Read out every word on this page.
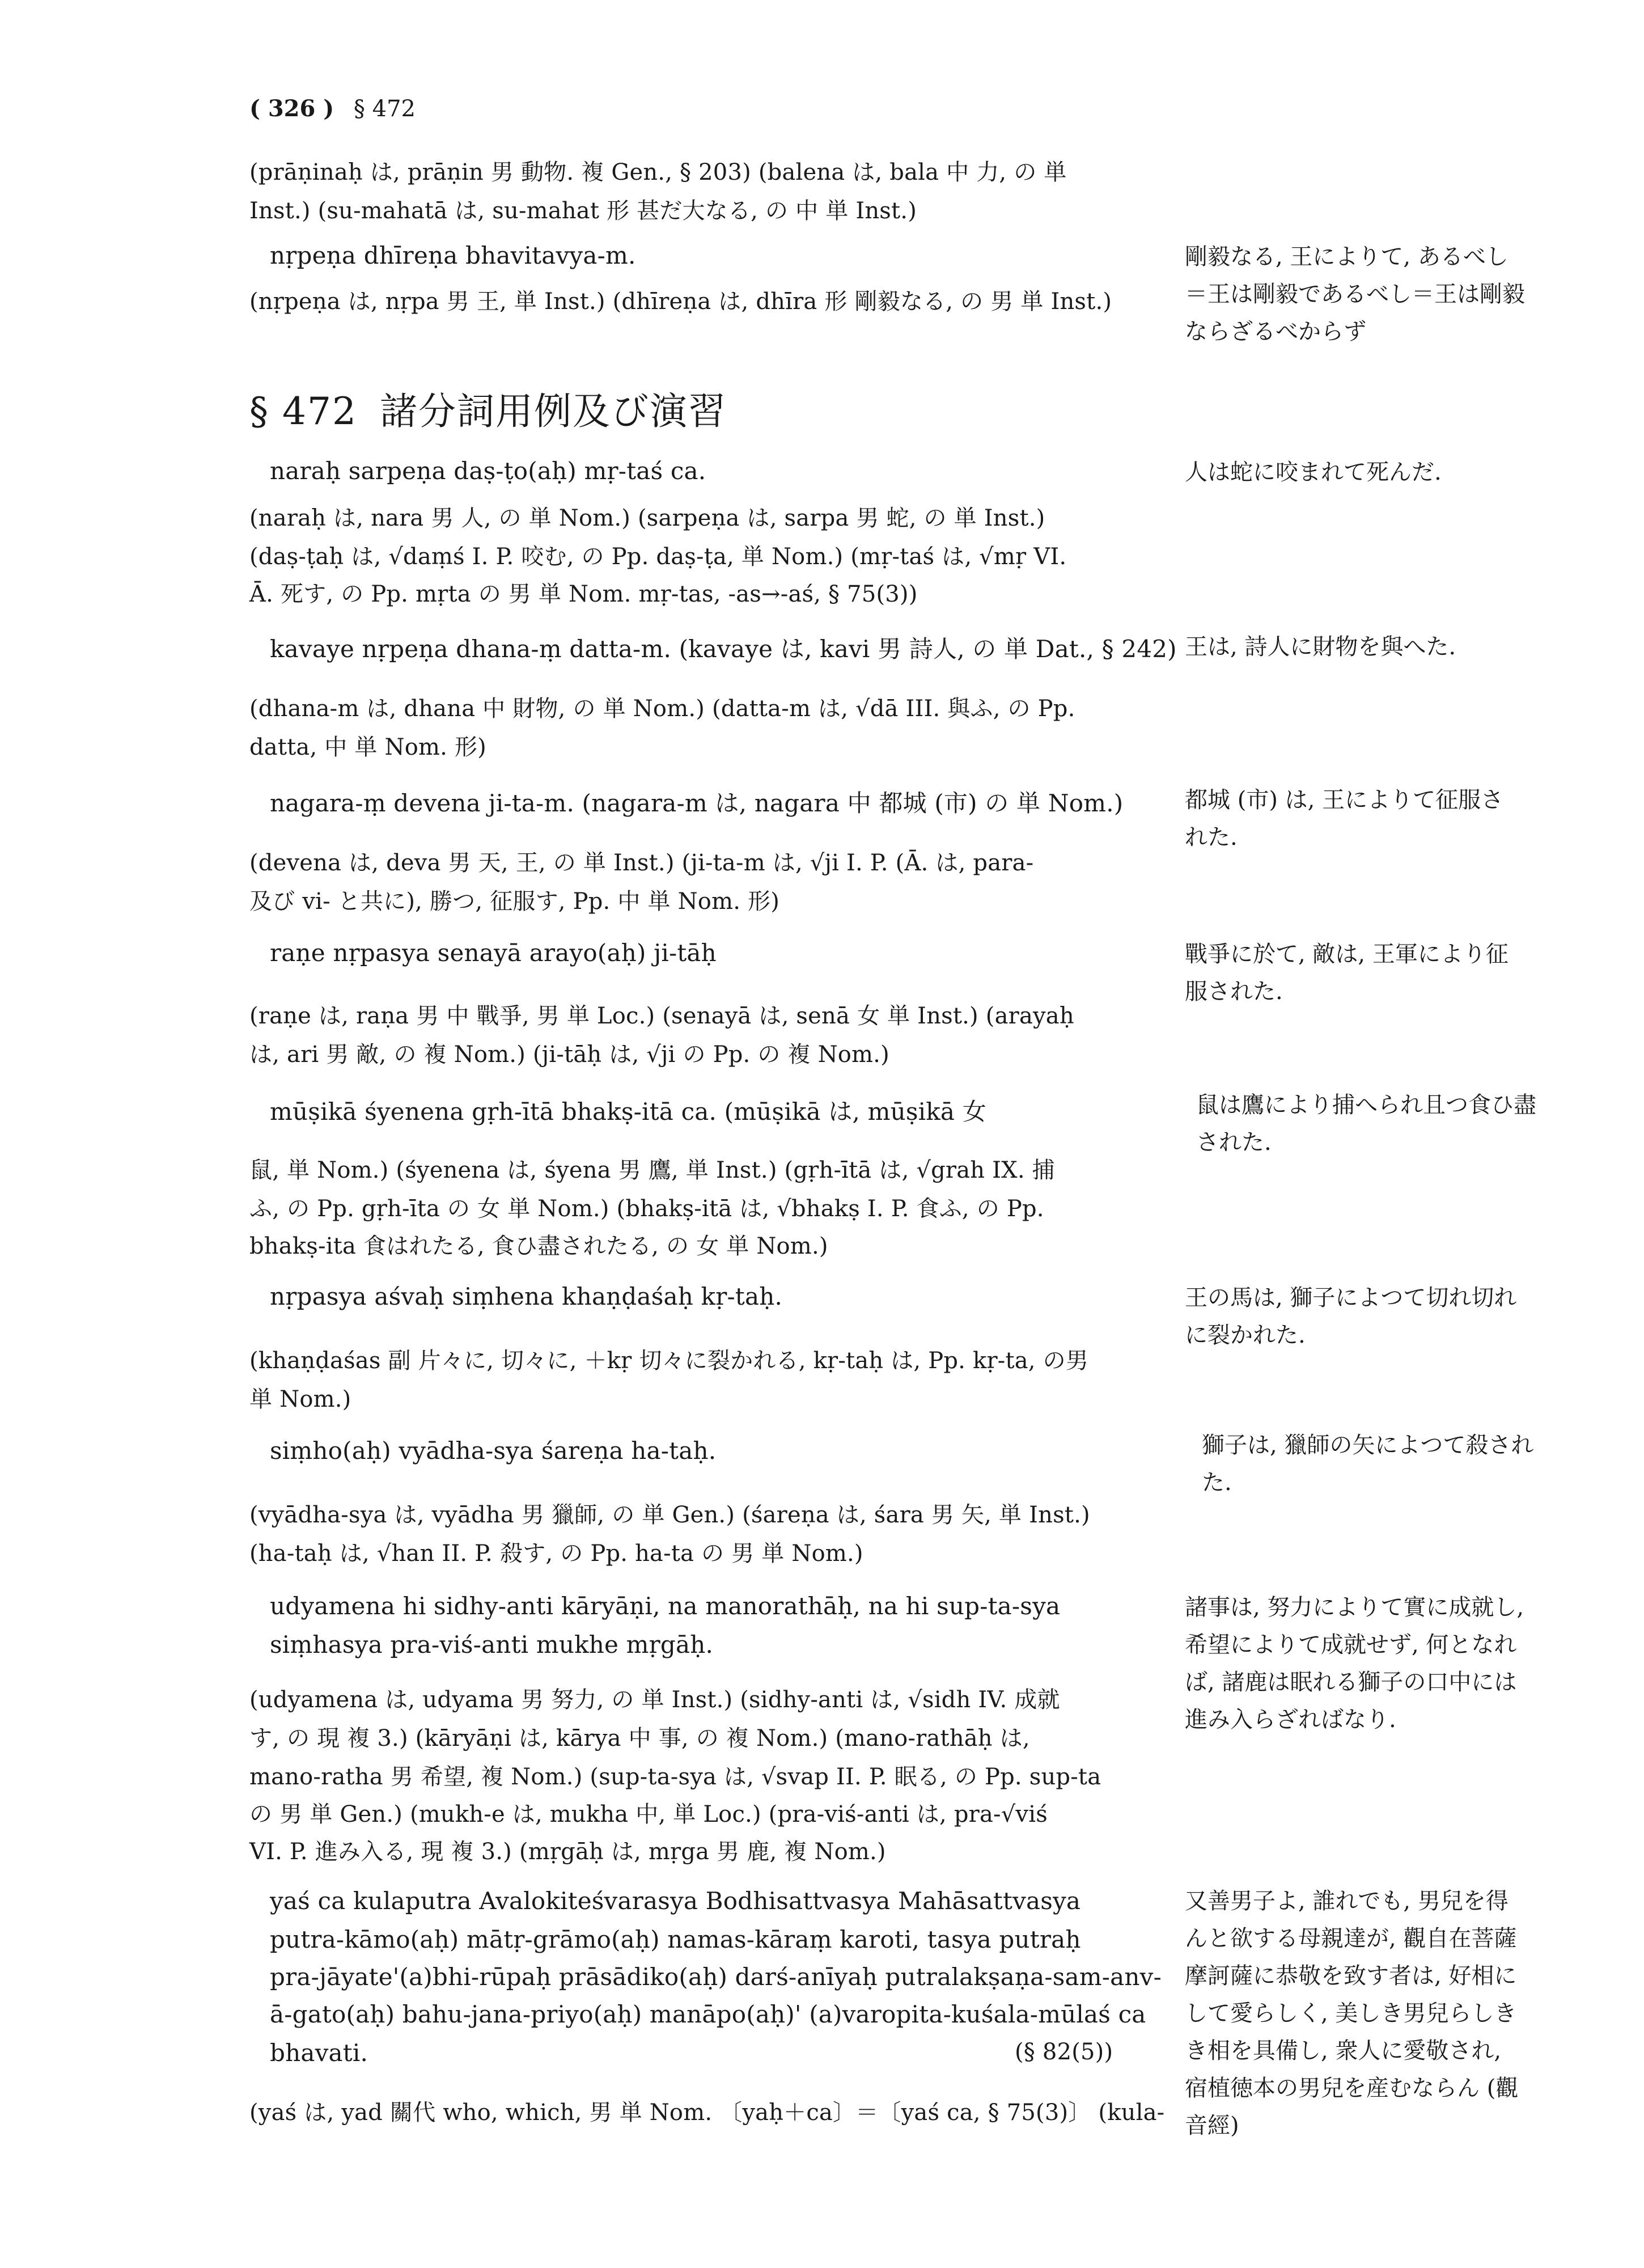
( 326 ) § 472
(prāṇinaḥ は, prāṇin 男 動物. 複 Gen., § 203) (balena は, bala 中 力, の 単
Inst.) (su-mahatā は, su-mahat 形 甚だ大なる, の 中 単 Inst.)
nṛpeṇa dhīreṇa bhavitavya-m.
(nṛpeṇa は, nṛpa 男 王, 単 Inst.) (dhīreṇa は, dhīra 形 剛毅なる, の 男 単 Inst.)
剛毅なる, 王によりて, あるべし＝王は剛毅であるべし＝王は剛毅ならざるべからず
§ 472 諸分詞用例及び演習
naraḥ sarpeṇa daṣ-ṭo(aḥ) mṛ-taś ca.
(naraḥ は, nara 男 人, の 単 Nom.) (sarpeṇa は, sarpa 男 蛇, の 単 Inst.)
(daṣ-ṭaḥ は, √daṃś I. P. 咬む, の Pp. daṣ-ṭa, 単 Nom.) (mṛ-taś は, √mṛ VI.
Ā. 死す, の Pp. mṛta の 男 単 Nom. mṛ-tas, -as→-aś, § 75(3))
人は蛇に咬まれて死んだ.
kavaye nṛpeṇa dhana-ṃ datta-m. (kavaye は, kavi 男 詩人, の 単 Dat., § 242)
(dhana-m は, dhana 中 財物, の 単 Nom.) (datta-m は, √dā III. 與ふ, の Pp.
datta, 中 単 Nom. 形)
王は, 詩人に財物を與へた.
nagara-ṃ devena ji-ta-m. (nagara-m は, nagara 中 都城 (市) の 単 Nom.)
(devena は, deva 男 天, 王, の 単 Inst.) (ji-ta-m は, √ji I. P. (Ā. は, para-
及び vi- と共に), 勝つ, 征服す, Pp. 中 単 Nom. 形)
都城 (市) は, 王によりて征服された.
raṇe nṛpasya senayā arayo(aḥ) ji-tāḥ
(raṇe は, raṇa 男 中 戰爭, 男 単 Loc.) (senayā は, senā 女 単 Inst.) (arayaḥ
は, ari 男 敵, の 複 Nom.) (ji-tāḥ は, √ji の Pp. の 複 Nom.)
戰爭に於て, 敵は, 王軍により征服された.
mūṣikā śyenena gṛh-ītā bhakṣ-itā ca. (mūṣikā は, mūṣikā 女
鼠, 単 Nom.) (śyenena は, śyena 男 鷹, 単 Inst.) (gṛh-ītā は, √grah IX. 捕
ふ, の Pp. gṛh-īta の 女 単 Nom.) (bhakṣ-itā は, √bhakṣ I. P. 食ふ, の Pp.
bhakṣ-ita 食はれたる, 食ひ盡されたる, の 女 単 Nom.)
鼠は鷹により捕へられ且つ食ひ盡された.
nṛpasya aśvaḥ siṃhena khaṇḍaśaḥ kṛ-taḥ.
(khaṇḍaśas 副 片々に, 切々に, ＋kṛ 切々に裂かれる, kṛ-taḥ は, Pp. kṛ-ta, の男
単 Nom.)
王の馬は, 獅子によつて切れ切れに裂かれた.
siṃho(aḥ) vyādha-sya śareṇa ha-taḥ.
(vyādha-sya は, vyādha 男 獵師, の 単 Gen.) (śareṇa は, śara 男 矢, 単 Inst.)
(ha-taḥ は, √han II. P. 殺す, の Pp. ha-ta の 男 単 Nom.)
獅子は, 獵師の矢によつて殺された.
udyamena hi sidhy-anti kāryāṇi, na manorathāḥ, na hi sup-ta-sya
siṃhasya pra-viś-anti mukhe mṛgāḥ.
(udyamena は, udyama 男 努力, の 単 Inst.) (sidhy-anti は, √sidh IV. 成就
す, の 現 複 3.) (kāryāṇi は, kārya 中 事, の 複 Nom.) (mano-rathāḥ は,
mano-ratha 男 希望, 複 Nom.) (sup-ta-sya は, √svap II. P. 眠る, の Pp. sup-ta
の 男 単 Gen.) (mukh-e は, mukha 中, 単 Loc.) (pra-viś-anti は, pra-√viś
VI. P. 進み入る, 現 複 3.) (mṛgāḥ は, mṛga 男 鹿, 複 Nom.)
諸事は, 努力によりて實に成就し, 希望によりて成就せず, 何となれば, 諸鹿は眠れる獅子の口中には進み入らざればなり.
yaś ca kulaputra Avalokiteśvarasya Bodhisattvasya Mahāsattvasya
putra-kāmo(aḥ) mātṛ-grāmo(aḥ) namas-kāraṃ karoti, tasya putraḥ
pra-jāyate'(a)bhi-rūpaḥ prāsādiko(aḥ) darś-anīyaḥ putralakṣaṇa-sam-anv-
ā-gato(aḥ) bahu-jana-priyo(aḥ) manāpo(aḥ)' (a)varopita-kuśala-mūlaś ca
bhavati.	(§ 82(5))
(yaś は, yad 關代 who, which, 男 単 Nom. 〔yaḥ＋ca〕＝〔yaś ca, § 75(3)〕 (kula-
又善男子よ, 誰れでも, 男兒を得んと欲する母親達が, 觀自在菩薩摩訶薩に恭敬を致す者は, 好相にして愛らしく, 美しき男兒らしきき相を具備し, 衆人に愛敬され, 宿植徳本の男兒を産むならん (觀音經)
